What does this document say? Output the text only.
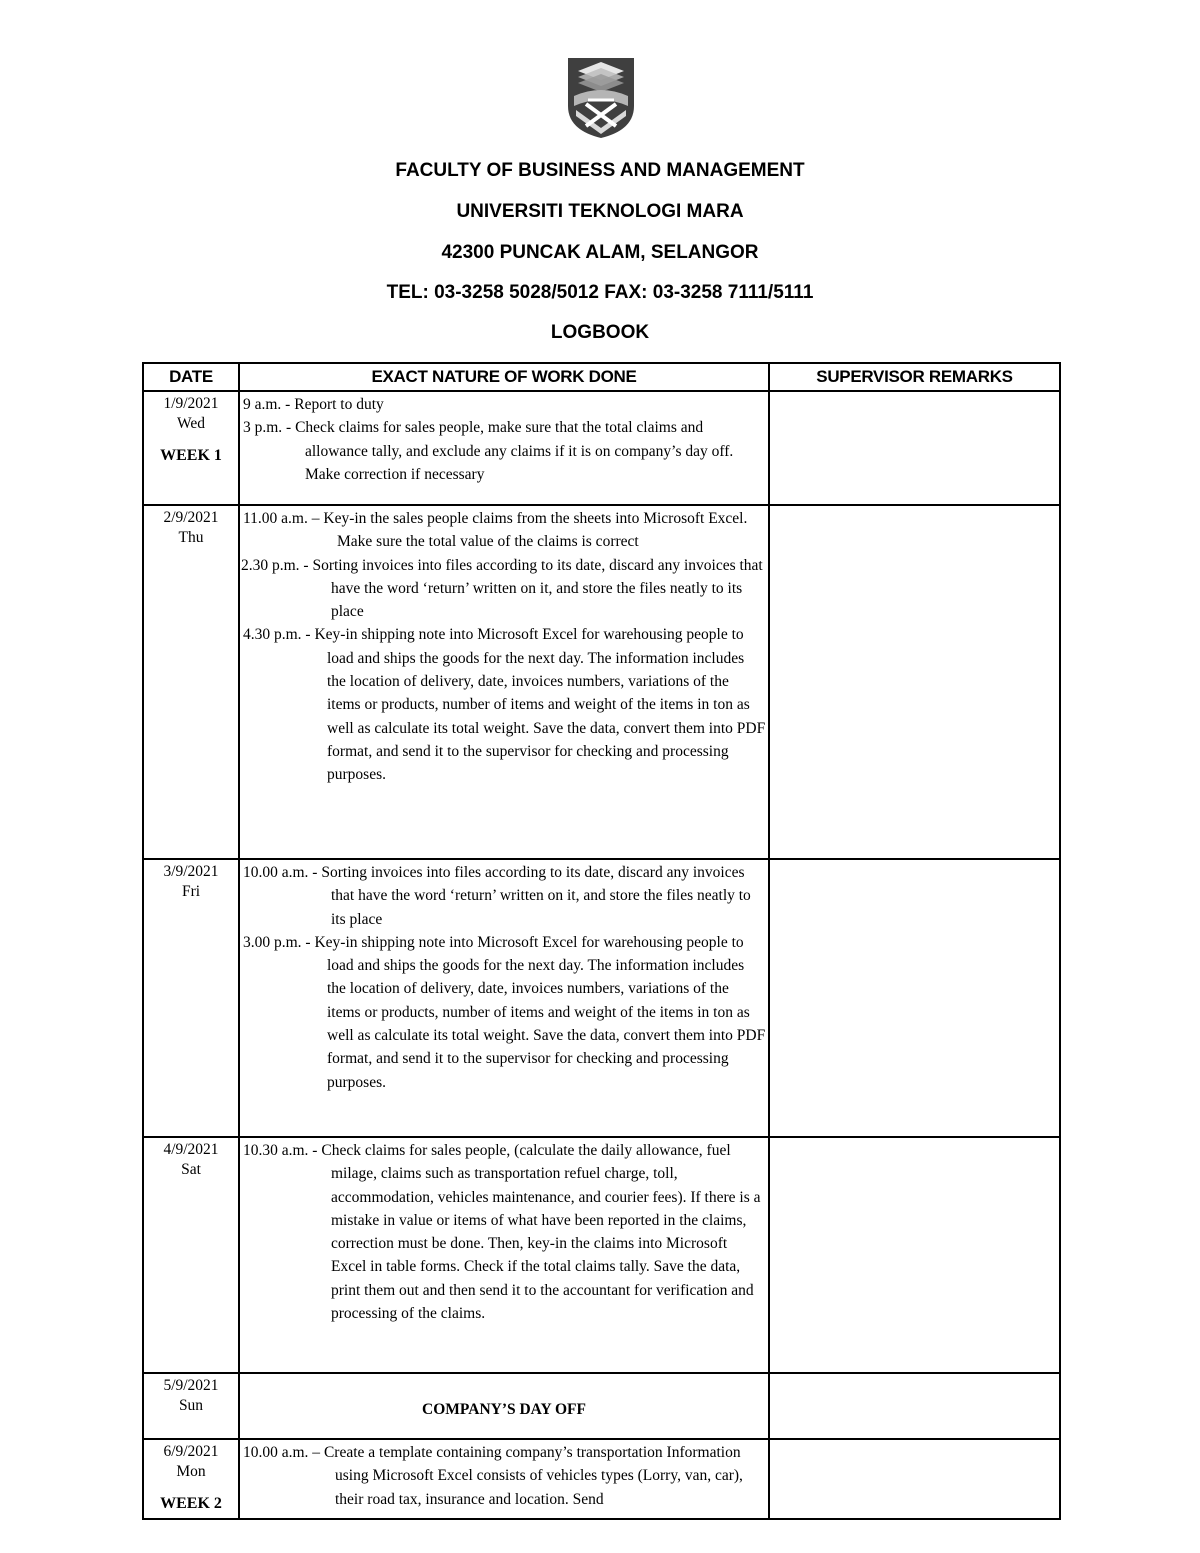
FACULTY OF BUSINESS AND MANAGEMENT
UNIVERSITI TEKNOLOGI MARA
42300 PUNCAK ALAM, SELANGOR
TEL: 03-3258 5028/5012 FAX: 03-3258 7111/5111
LOGBOOK
DATE	EXACT NATURE OF WORK DONE	SUPERVISOR REMARKS

1/9/2021
Wed
WEEK 1	9 a.m. - Report to duty
3 p.m. - Check claims for sales people, make sure that the total claims and allowance tally, and exclude any claims if it is on company’s day off. Make correction if necessary	

2/9/2021
Thu	11.00 a.m. – Key-in the sales people claims from the sheets into Microsoft Excel. Make sure the total value of the claims is correct
2.30 p.m. - Sorting invoices into files according to its date, discard any invoices that have the word ‘return’ written on it, and store the files neatly to its place
4.30 p.m. - Key-in shipping note into Microsoft Excel for warehousing people to load and ships the goods for the next day. The information includes the location of delivery, date, invoices numbers, variations of the items or products, number of items and weight of the items in ton as well as calculate its total weight. Save the data, convert them into PDF format, and send it to the supervisor for checking and processing purposes.	

3/9/2021
Fri	10.00 a.m. - Sorting invoices into files according to its date, discard any invoices that have the word ‘return’ written on it, and store the files neatly to its place
3.00 p.m. - Key-in shipping note into Microsoft Excel for warehousing people to load and ships the goods for the next day. The information includes the location of delivery, date, invoices numbers, variations of the items or products, number of items and weight of the items in ton as well as calculate its total weight. Save the data, convert them into PDF format, and send it to the supervisor for checking and processing purposes.	

4/9/2021
Sat	10.30 a.m. - Check claims for sales people, (calculate the daily allowance, fuel milage, claims such as transportation refuel charge, toll, accommodation, vehicles maintenance, and courier fees). If there is a mistake in value or items of what have been reported in the claims, correction must be done. Then, key-in the claims into Microsoft Excel in table forms. Check if the total claims tally. Save the data, print them out and then send it to the accountant for verification and processing of the claims.	

5/9/2021
Sun	COMPANY’S DAY OFF	

6/9/2021
Mon
WEEK 2	10.00 a.m. – Create a template containing company’s transportation Information using Microsoft Excel consists of vehicles types (Lorry, van, car), their road tax, insurance and location. Send	
